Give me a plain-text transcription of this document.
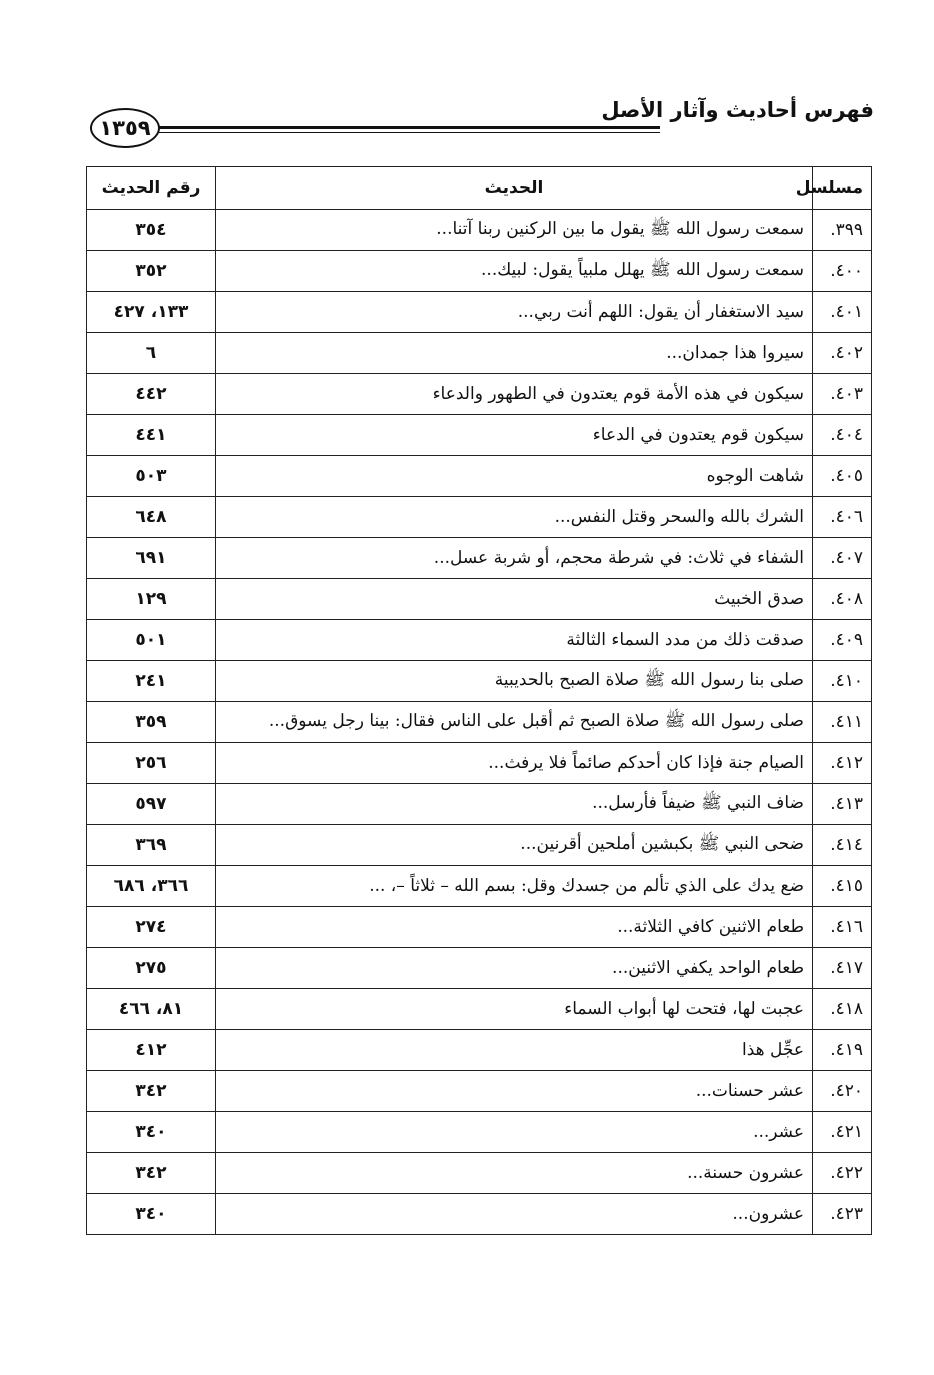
١٣٥٩
فهرس أحاديث وآثار الأصل
مسلسل	الحديث	رقم الحديث
٣٩٩.	سمعت رسول الله ﷺ يقول ما بين الركنين ربنا آتنا...	٣٥٤
٤٠٠.	سمعت رسول الله ﷺ يهلل ملبياً يقول: لبيك...	٣٥٢
٤٠١.	سيد الاستغفار أن يقول: اللهم أنت ربي...	١٣٣، ٤٢٧
٤٠٢.	سيروا هذا جمدان...	٦
٤٠٣.	سيكون في هذه الأمة قوم يعتدون في الطهور والدعاء	٤٤٢
٤٠٤.	سيكون قوم يعتدون في الدعاء	٤٤١
٤٠٥.	شاهت الوجوه	٥٠٣
٤٠٦.	الشرك بالله والسحر وقتل النفس...	٦٤٨
٤٠٧.	الشفاء في ثلاث: في شرطة محجم، أو شربة عسل...	٦٩١
٤٠٨.	صدق الخبيث	١٢٩
٤٠٩.	صدقت ذلك من مدد السماء الثالثة	٥٠١
٤١٠.	صلى بنا رسول الله ﷺ صلاة الصبح بالحديبية	٢٤١
٤١١.	صلى رسول الله ﷺ صلاة الصبح ثم أقبل على الناس فقال: بينا رجل يسوق...	٣٥٩
٤١٢.	الصيام جنة فإذا كان أحدكم صائماً فلا يرفث...	٢٥٦
٤١٣.	ضاف النبي ﷺ ضيفاً فأرسل...	٥٩٧
٤١٤.	ضحى النبي ﷺ بكبشين أملحين أقرنين...	٣٦٩
٤١٥.	ضع يدك على الذي تألم من جسدك وقل: بسم الله – ثلاثاً –، ...	٣٦٦، ٦٨٦
٤١٦.	طعام الاثنين كافي الثلاثة...	٢٧٤
٤١٧.	طعام الواحد يكفي الاثنين...	٢٧٥
٤١٨.	عجبت لها، فتحت لها أبواب السماء	٨١، ٤٦٦
٤١٩.	عجِّل هذا	٤١٢
٤٢٠.	عشر حسنات...	٣٤٢
٤٢١.	عشر...	٣٤٠
٤٢٢.	عشرون حسنة...	٣٤٢
٤٢٣.	عشرون...	٣٤٠
